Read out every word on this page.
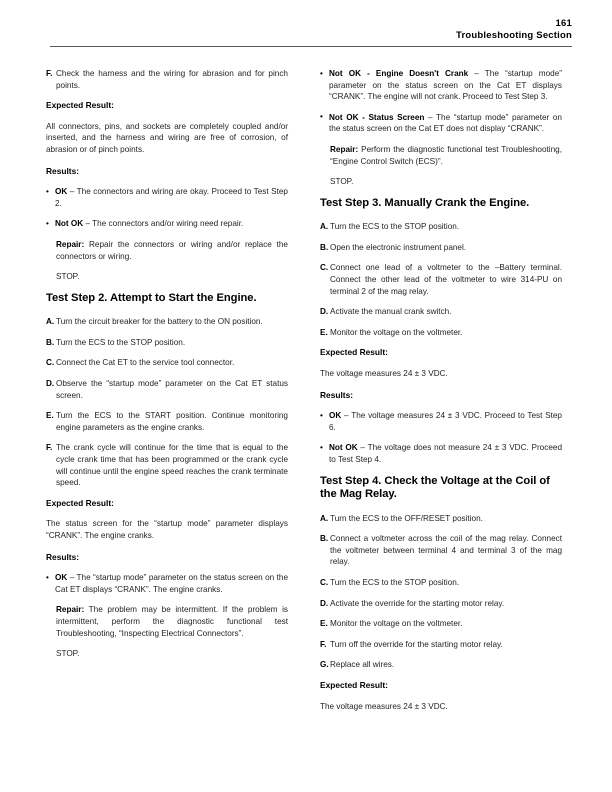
161
Troubleshooting Section
F. Check the harness and the wiring for abrasion and for pinch points.
Expected Result:
All connectors, pins, and sockets are completely coupled and/or inserted, and the harness and wiring are free of corrosion, of abrasion or of pinch points.
Results:
• OK – The connectors and wiring are okay. Proceed to Test Step 2.
• Not OK – The connectors and/or wiring need repair.
Repair: Repair the connectors or wiring and/or replace the connectors or wiring.
STOP.
Test Step 2. Attempt to Start the Engine.
A. Turn the circuit breaker for the battery to the ON position.
B. Turn the ECS to the STOP position.
C. Connect the Cat ET to the service tool connector.
D. Observe the “startup mode” parameter on the Cat ET status screen.
E. Turn the ECS to the START position. Continue monitoring engine parameters as the engine cranks.
F. The crank cycle will continue for the time that is equal to the cycle crank time that has been programmed or the crank cycle will continue until the engine speed reaches the crank terminate speed.
Expected Result:
The status screen for the “startup mode” parameter displays “CRANK”. The engine cranks.
Results:
• OK – The “startup mode” parameter on the status screen on the Cat ET displays “CRANK”. The engine cranks.
Repair: The problem may be intermittent. If the problem is intermittent, perform the diagnostic functional test Troubleshooting, “Inspecting Electrical Connectors”.
STOP.
• Not OK - Engine Doesn't Crank – The “startup mode” parameter on the status screen on the Cat ET displays “CRANK”. The engine will not crank. Proceed to Test Step 3.
• Not OK - Status Screen – The “startup mode” parameter on the status screen on the Cat ET does not display “CRANK”.
Repair: Perform the diagnostic functional test Troubleshooting, “Engine Control Switch (ECS)”.
STOP.
Test Step 3. Manually Crank the Engine.
A. Turn the ECS to the STOP position.
B. Open the electronic instrument panel.
C. Connect one lead of a voltmeter to the –Battery terminal. Connect the other lead of the voltmeter to wire 314-PU on terminal 2 of the mag relay.
D. Activate the manual crank switch.
E. Monitor the voltage on the voltmeter.
Expected Result:
The voltage measures 24 ± 3 VDC.
Results:
• OK – The voltage measures 24 ± 3 VDC. Proceed to Test Step 6.
• Not OK – The voltage does not measure 24 ± 3 VDC. Proceed to Test Step 4.
Test Step 4. Check the Voltage at the Coil of the Mag Relay.
A. Turn the ECS to the OFF/RESET position.
B. Connect a voltmeter across the coil of the mag relay. Connect the voltmeter between terminal 4 and terminal 3 of the mag relay.
C. Turn the ECS to the STOP position.
D. Activate the override for the starting motor relay.
E. Monitor the voltage on the voltmeter.
F. Turn off the override for the starting motor relay.
G. Replace all wires.
Expected Result:
The voltage measures 24 ± 3 VDC.
